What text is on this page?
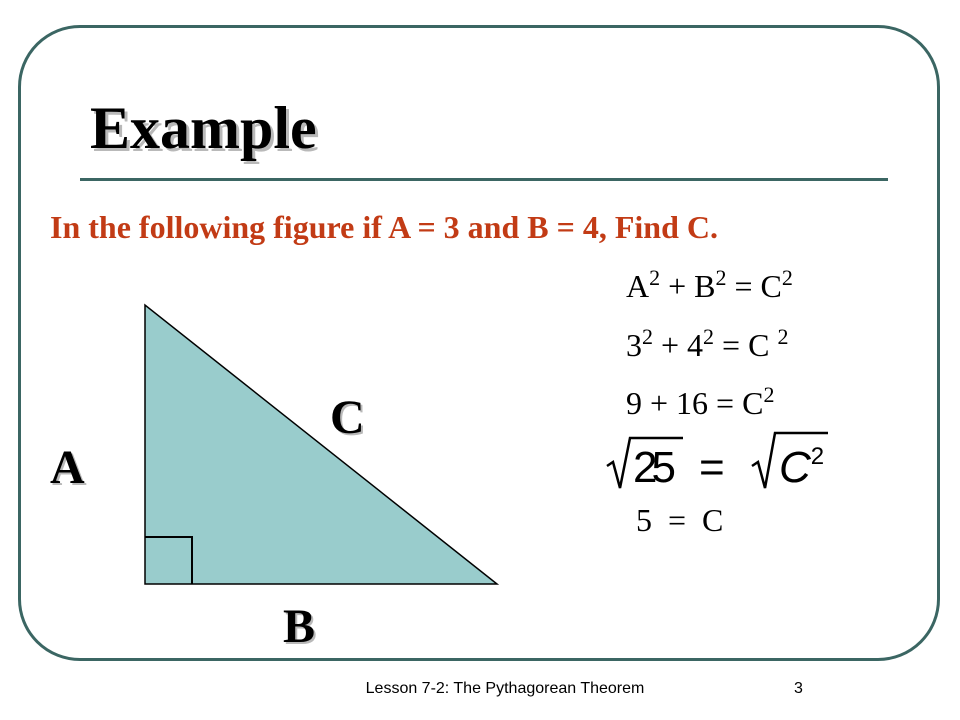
Example
In the following figure if A = 3 and B = 4, Find C.
A
C
B
$A^2 + B^2 = C^2$
$3^2 + 4^2 = C$ $^2$
$9 + 16 = C^2$
$25 = C^2$
5  =  C
Lesson 7-2: The Pythagorean Theorem	3
